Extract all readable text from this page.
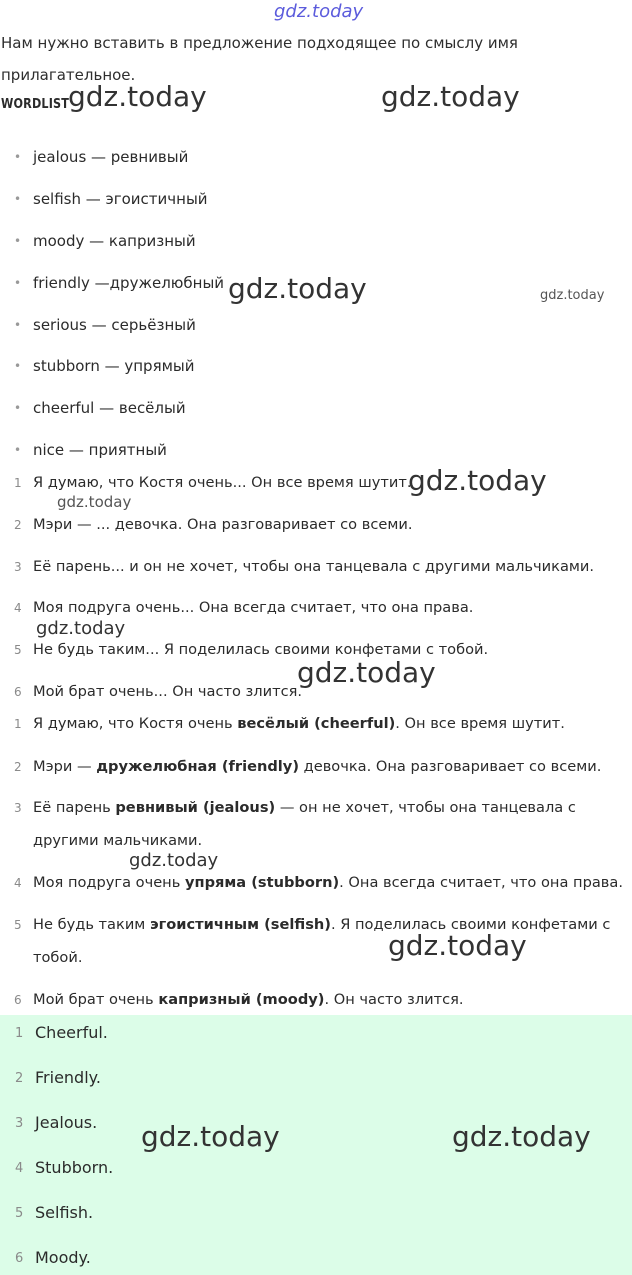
gdz.today
Нам нужно вставить в предложение подходящее по смыслу имя
прилагательное.
WORDLIST
• jealous — ревнивый
• selfish — эгоистичный
• moody — капризный
• friendly —дружелюбный
• serious — серьёзный
• stubborn — упрямый
• cheerful — весёлый
• nice — приятный
1 Я думаю, что Костя очень... Он все время шутит.
2 Мэри — ... девочка. Она разговаривает со всеми.
3 Её парень... и он не хочет, чтобы она танцевала с другими мальчиками.
4 Моя подруга очень... Она всегда считает, что она права.
5 Не будь таким... Я поделилась своими конфетами с тобой.
6 Мой брат очень... Он часто злится.
1 Я думаю, что Костя очень весёлый (cheerful). Он все время шутит.
2 Мэри — дружелюбная (friendly) девочка. Она разговаривает со всеми.
3 Её парень ревнивый (jealous) — он не хочет, чтобы она танцевала с
другими мальчиками.
4 Моя подруга очень упряма (stubborn). Она всегда считает, что она права.
5 Не будь таким эгоистичным (selfish). Я поделилась своими конфетами с
тобой.
6 Мой брат очень капризный (moody). Он часто злится.
1 Cheerful.
2 Friendly.
3 Jealous.
4 Stubborn.
5 Selfish.
6 Moody.
gdz.today	gdz.today
gdz.today	gdz.today
gdz.today
gdz.today
gdz.today
gdz.today
gdz.today
gdz.today
gdz.today	gdz.today
